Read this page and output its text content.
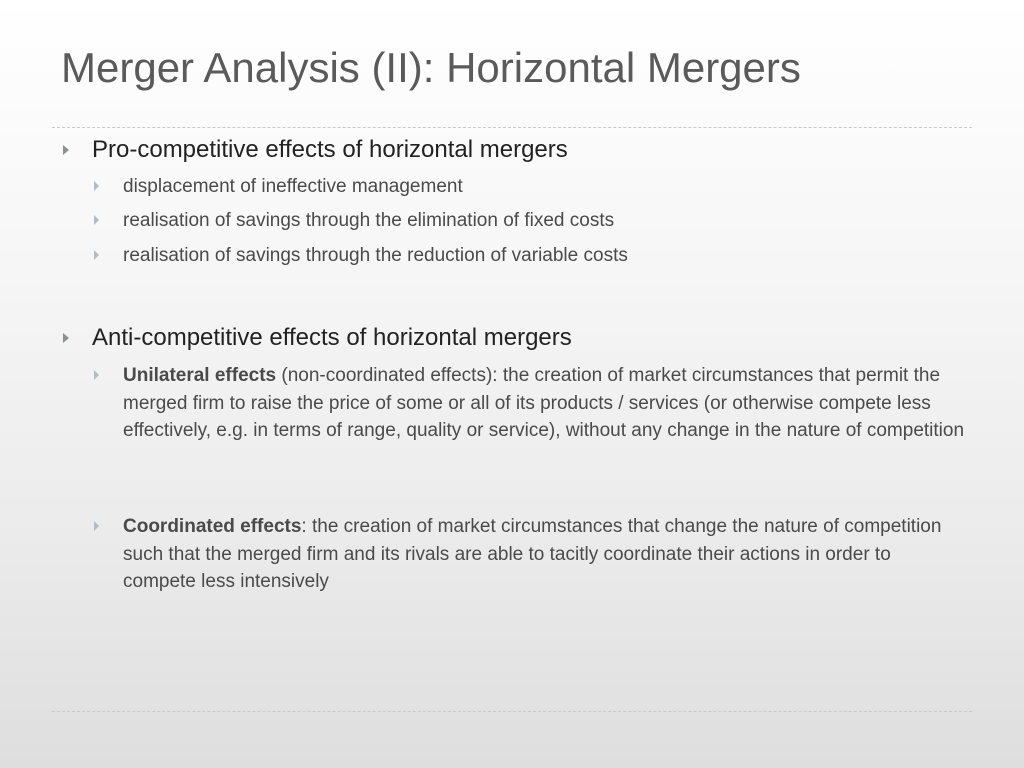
Merger Analysis (II): Horizontal Mergers
Pro-competitive effects of horizontal mergers
displacement of ineffective management
realisation of savings through the elimination of fixed costs
realisation of savings through the reduction of variable costs
Anti-competitive effects of horizontal mergers
Unilateral effects (non-coordinated effects): the creation of market circumstances that permit the merged firm to raise the price of some or all of its products / services (or otherwise compete less effectively, e.g. in terms of range, quality or service), without any change in the nature of competition
Coordinated effects: the creation of market circumstances that change the nature of competition such that the merged firm and its rivals are able to tacitly coordinate their actions in order to compete less intensively
